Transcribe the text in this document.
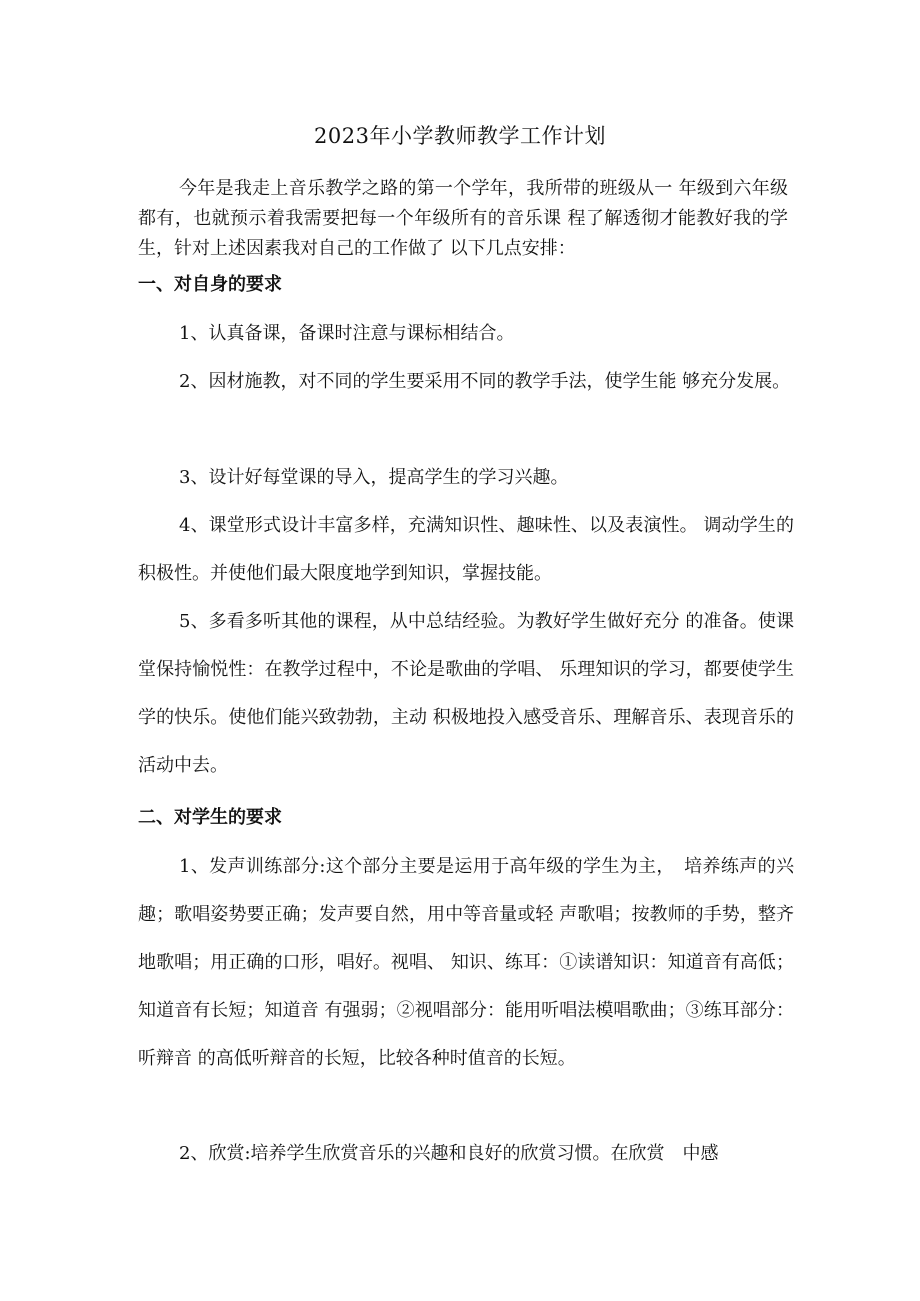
2023年小学教师教学工作计划
今年是我走上音乐教学之路的第一个学年，我所带的班级从一 年级到六年级都有，也就预示着我需要把每一个年级所有的音乐课 程了解透彻才能教好我的学生，针对上述因素我对自己的工作做了 以下几点安排：
一、对自身的要求
1、认真备课，备课时注意与课标相结合。
2、因材施教，对不同的学生要采用不同的教学手法，使学生能 够充分发展。
3、设计好每堂课的导入，提高学生的学习兴趣。
4、课堂形式设计丰富多样，充满知识性、趣味性、以及表演性。 调动学生的积极性。并使他们最大限度地学到知识，掌握技能。
5、多看多听其他的课程，从中总结经验。为教好学生做好充分 的准备。使课堂保持愉悦性：在教学过程中，不论是歌曲的学唱、 乐理知识的学习，都要使学生学的快乐。使他们能兴致勃勃，主动 积极地投入感受音乐、理解音乐、表现音乐的活动中去。
二、对学生的要求
1、发声训练部分:这个部分主要是运用于高年级的学生为主，　培养练声的兴趣；歌唱姿势要正确；发声要自然，用中等音量或轻 声歌唱；按教师的手势，整齐地歌唱；用正确的口形，唱好。视唱、 知识、练耳：①读谱知识：知道音有高低；知道音有长短；知道音 有强弱；②视唱部分：能用听唱法模唱歌曲；③练耳部分：听辩音 的高低听辩音的长短，比较各种时值音的长短。
2、欣赏:培养学生欣赏音乐的兴趣和良好的欣赏习惯。在欣赏　中感
